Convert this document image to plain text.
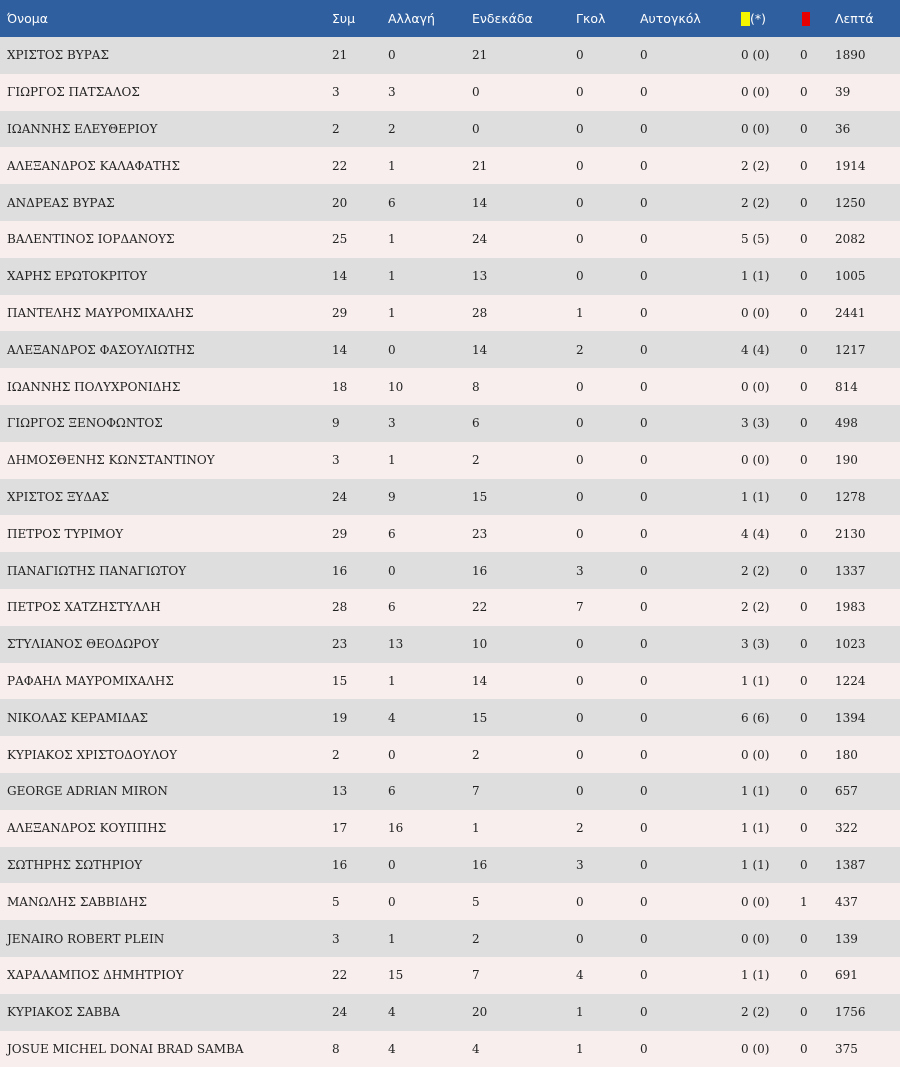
Όνομα	Συμ	Αλλαγή	Ενδεκάδα	Γκολ	Αυτογκόλ	(*)		Λεπτά
ΧΡΙΣΤΟΣ ΒΥΡΑΣ	21	0	21	0	0	0 (0)	0	1890
ΓΙΩΡΓΟΣ ΠΑΤΣΑΛΟΣ	3	3	0	0	0	0 (0)	0	39
ΙΩΑΝΝΗΣ ΕΛΕΥΘΕΡΙΟΥ	2	2	0	0	0	0 (0)	0	36
ΑΛΕΞΑΝΔΡΟΣ ΚΑΛΑΦΑΤΗΣ	22	1	21	0	0	2 (2)	0	1914
ΑΝΔΡΕΑΣ ΒΥΡΑΣ	20	6	14	0	0	2 (2)	0	1250
ΒΑΛΕΝΤΙΝΟΣ ΙΟΡΔΑΝΟΥΣ	25	1	24	0	0	5 (5)	0	2082
ΧΑΡΗΣ ΕΡΩΤΟΚΡΙΤΟΥ	14	1	13	0	0	1 (1)	0	1005
ΠΑΝΤΕΛΗΣ ΜΑΥΡΟΜΙΧΑΛΗΣ	29	1	28	1	0	0 (0)	0	2441
ΑΛΕΞΑΝΔΡΟΣ ΦΑΣΟΥΛΙΩΤΗΣ	14	0	14	2	0	4 (4)	0	1217
ΙΩΑΝΝΗΣ ΠΟΛΥΧΡΟΝΙΔΗΣ	18	10	8	0	0	0 (0)	0	814
ΓΙΩΡΓΟΣ ΞΕΝΟΦΩΝΤΟΣ	9	3	6	0	0	3 (3)	0	498
ΔΗΜΟΣΘΕΝΗΣ ΚΩΝΣΤΑΝΤΙΝΟΥ	3	1	2	0	0	0 (0)	0	190
ΧΡΙΣΤΟΣ ΞΥΔΑΣ	24	9	15	0	0	1 (1)	0	1278
ΠΕΤΡΟΣ ΤΥΡΙΜΟΥ	29	6	23	0	0	4 (4)	0	2130
ΠΑΝΑΓΙΩΤΗΣ ΠΑΝΑΓΙΩΤΟΥ	16	0	16	3	0	2 (2)	0	1337
ΠΕΤΡΟΣ ΧΑΤΖΗΣΤΥΛΛΗ	28	6	22	7	0	2 (2)	0	1983
ΣΤΥΛΙΑΝΟΣ ΘΕΟΔΩΡΟΥ	23	13	10	0	0	3 (3)	0	1023
ΡΑΦΑΗΛ ΜΑΥΡΟΜΙΧΑΛΗΣ	15	1	14	0	0	1 (1)	0	1224
ΝΙΚΟΛΑΣ ΚΕΡΑΜΙΔΑΣ	19	4	15	0	0	6 (6)	0	1394
ΚΥΡΙΑΚΟΣ ΧΡΙΣΤΟΔΟΥΛΟΥ	2	0	2	0	0	0 (0)	0	180
GEORGE ADRIAN MIRON	13	6	7	0	0	1 (1)	0	657
ΑΛΕΞΑΝΔΡΟΣ ΚΟΥΠΠΗΣ	17	16	1	2	0	1 (1)	0	322
ΣΩΤΗΡΗΣ ΣΩΤΗΡΙΟΥ	16	0	16	3	0	1 (1)	0	1387
ΜΑΝΩΛΗΣ ΣΑΒΒΙΔΗΣ	5	0	5	0	0	0 (0)	1	437
JENAIRO ROBERT PLEIN	3	1	2	0	0	0 (0)	0	139
ΧΑΡΑΛΑΜΠΟΣ ΔΗΜΗΤΡΙΟΥ	22	15	7	4	0	1 (1)	0	691
ΚΥΡΙΑΚΟΣ ΣΑΒΒΑ	24	4	20	1	0	2 (2)	0	1756
JOSUE MICHEL DONAI BRAD SAMBA	8	4	4	1	0	0 (0)	0	375
